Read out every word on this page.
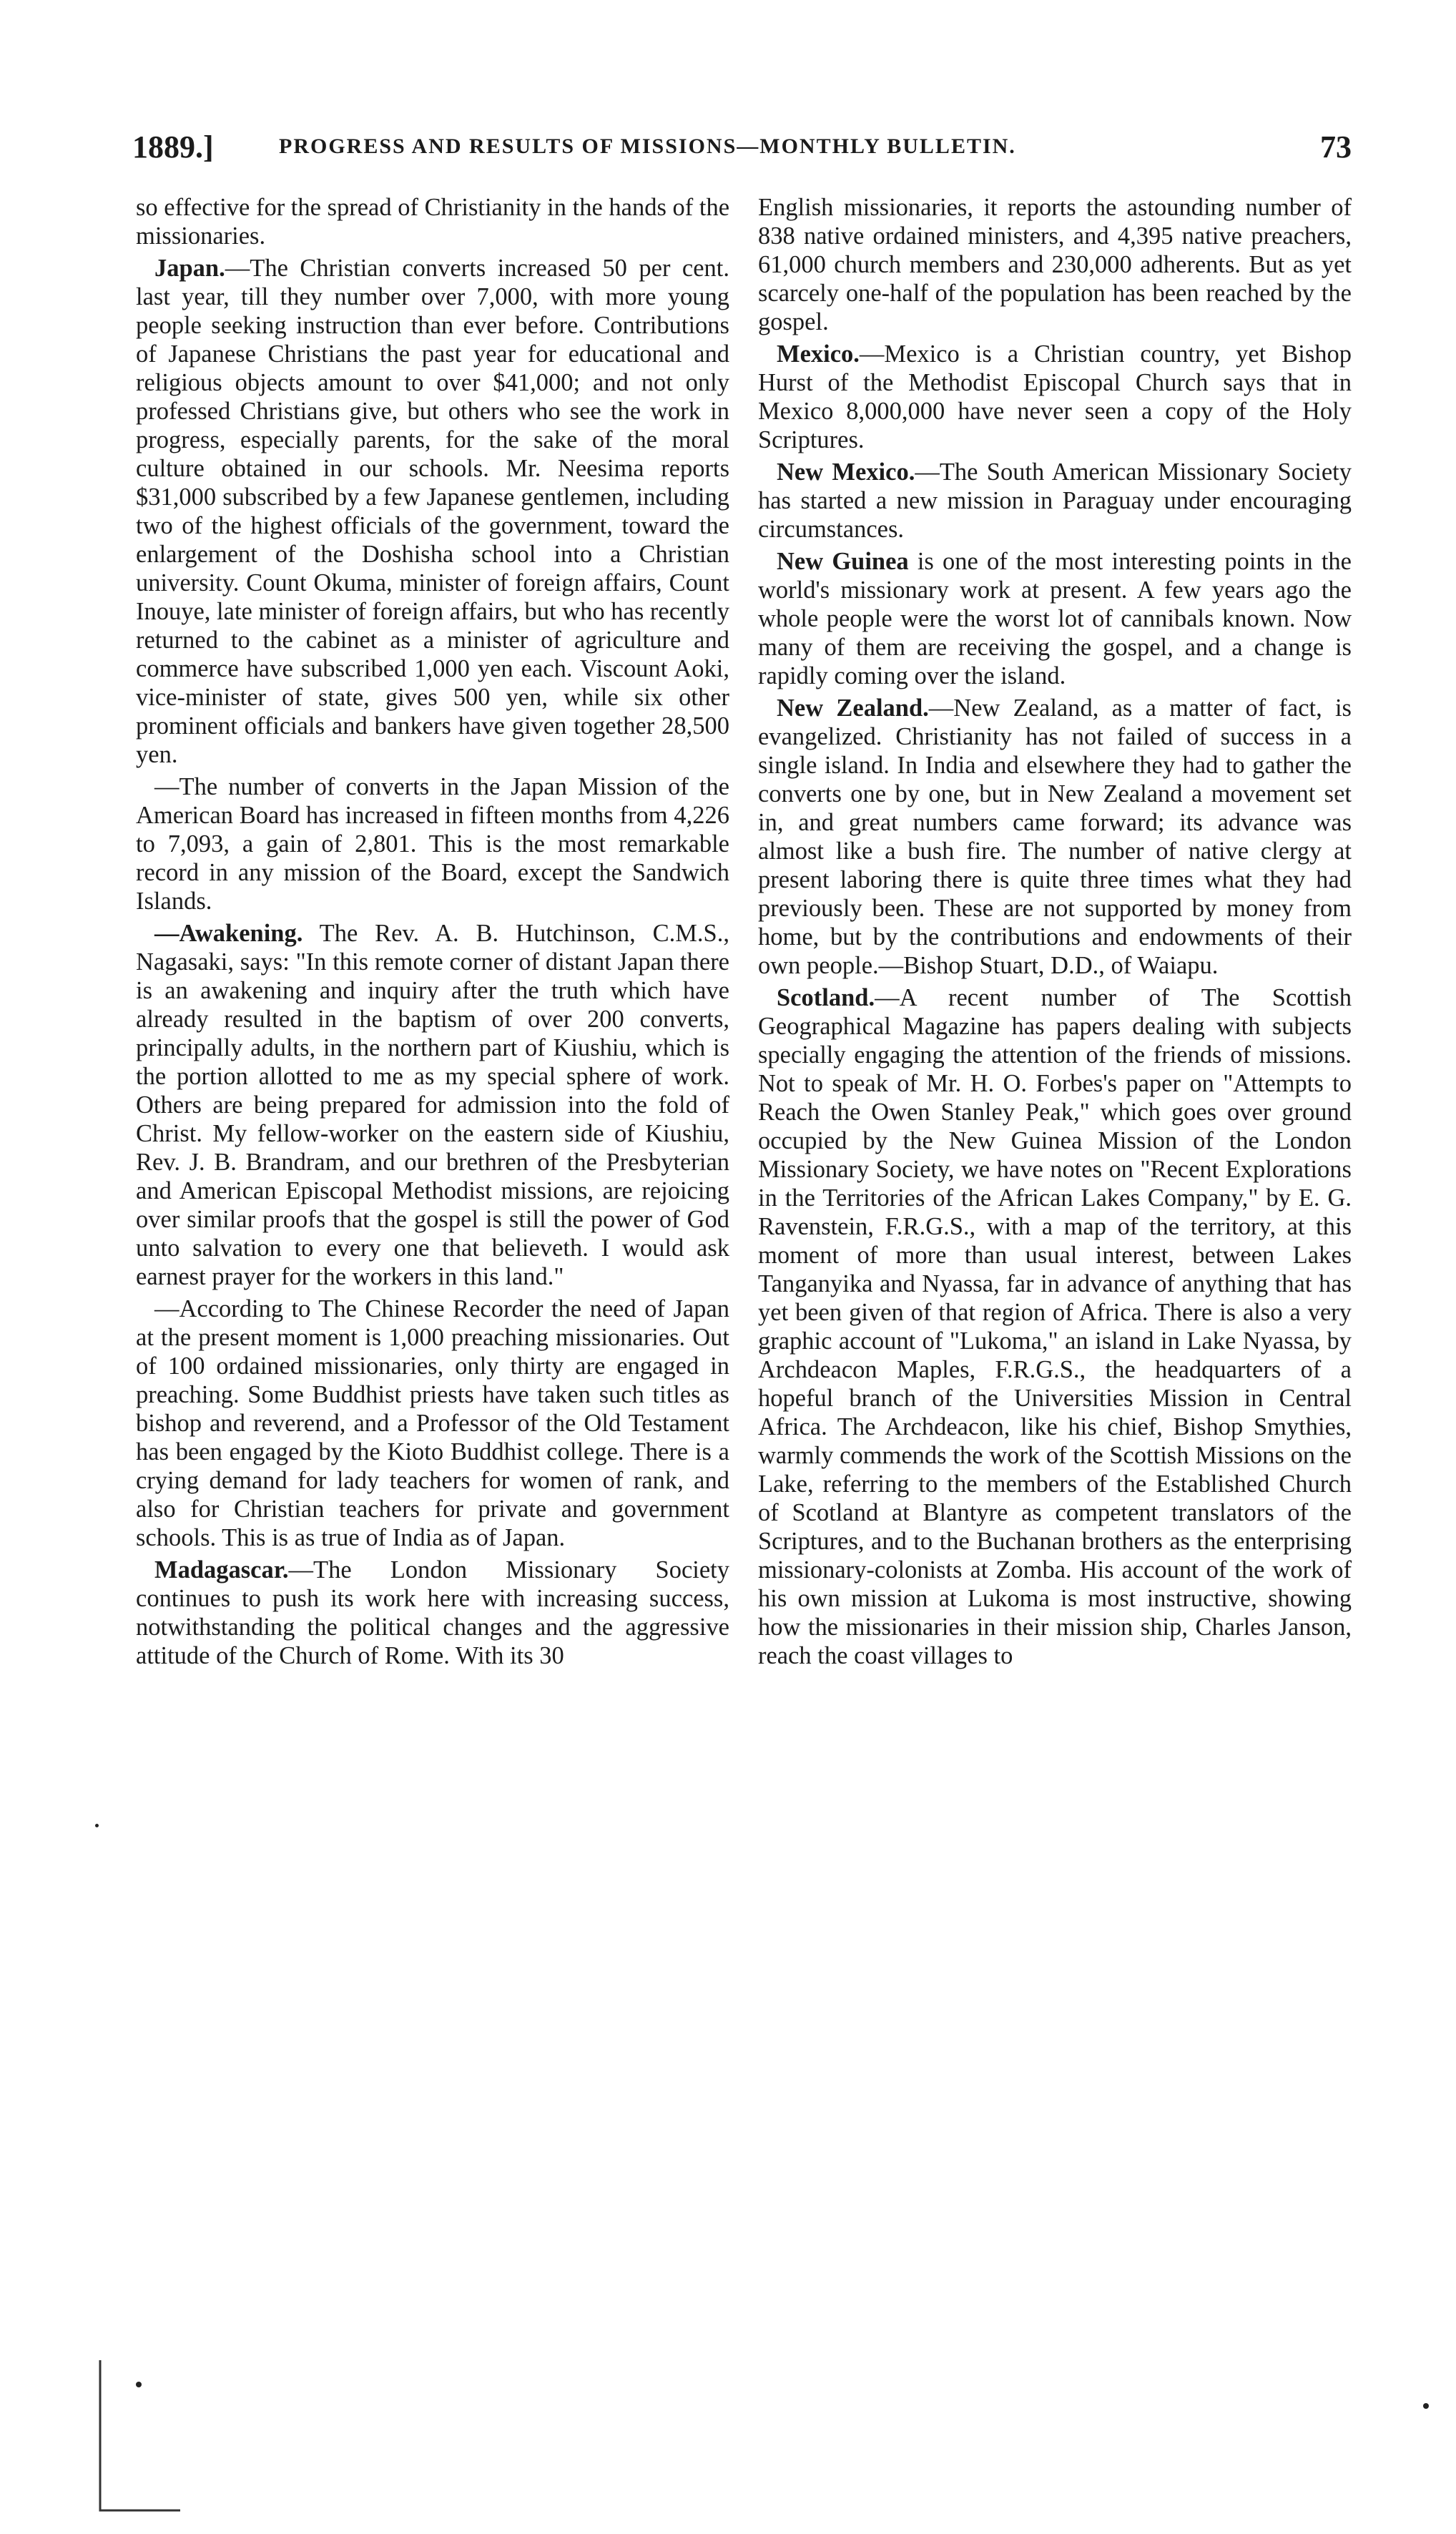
1889.]	PROGRESS AND RESULTS OF MISSIONS—MONTHLY BULLETIN.	73

so effective for the spread of Christianity in the hands of the missionaries.

Japan.—The Christian converts increased 50 per cent. last year, till they number over 7,000, with more young people seeking instruction than ever before. Contributions of Japanese Christians the past year for educational and religious objects amount to over $41,000; and not only professed Christians give, but others who see the work in progress, especially parents, for the sake of the moral culture obtained in our schools. Mr. Neesima reports $31,000 subscribed by a few Japanese gentlemen, including two of the highest officials of the government, toward the enlargement of the Doshisha school into a Christian university. Count Okuma, minister of foreign affairs, Count Inouye, late minister of foreign affairs, but who has recently returned to the cabinet as a minister of agriculture and commerce have subscribed 1,000 yen each. Viscount Aoki, vice-minister of state, gives 500 yen, while six other prominent officials and bankers have given together 28,500 yen.

—The number of converts in the Japan Mission of the American Board has increased in fifteen months from 4,226 to 7,093, a gain of 2,801. This is the most remarkable record in any mission of the Board, except the Sandwich Islands.

—Awakening. The Rev. A. B. Hutchinson, C.M.S., Nagasaki, says: "In this remote corner of distant Japan there is an awakening and inquiry after the truth which have already resulted in the baptism of over 200 converts, principally adults, in the northern part of Kiushiu, which is the portion allotted to me as my special sphere of work. Others are being prepared for admission into the fold of Christ. My fellow-worker on the eastern side of Kiushiu, Rev. J. B. Brandram, and our brethren of the Presbyterian and American Episcopal Methodist missions, are rejoicing over similar proofs that the gospel is still the power of God unto salvation to every one that believeth. I would ask earnest prayer for the workers in this land."

—According to The Chinese Recorder the need of Japan at the present moment is 1,000 preaching missionaries. Out of 100 ordained missionaries, only thirty are engaged in preaching. Some Buddhist priests have taken such titles as bishop and reverend, and a Professor of the Old Testament has been engaged by the Kioto Buddhist college. There is a crying demand for lady teachers for women of rank, and also for Christian teachers for private and government schools. This is as true of India as of Japan.

Madagascar.—The London Missionary Society continues to push its work here with increasing success, notwithstanding the political changes and the aggressive attitude of the Church of Rome. With its 30

English missionaries, it reports the astounding number of 838 native ordained ministers, and 4,395 native preachers, 61,000 church members and 230,000 adherents. But as yet scarcely one-half of the population has been reached by the gospel.

Mexico.—Mexico is a Christian country, yet Bishop Hurst of the Methodist Episcopal Church says that in Mexico 8,000,000 have never seen a copy of the Holy Scriptures.

New Mexico.—The South American Missionary Society has started a new mission in Paraguay under encouraging circumstances.

New Guinea is one of the most interesting points in the world's missionary work at present. A few years ago the whole people were the worst lot of cannibals known. Now many of them are receiving the gospel, and a change is rapidly coming over the island.

New Zealand.—New Zealand, as a matter of fact, is evangelized. Christianity has not failed of success in a single island. In India and elsewhere they had to gather the converts one by one, but in New Zealand a movement set in, and great numbers came forward; its advance was almost like a bush fire. The number of native clergy at present laboring there is quite three times what they had previously been. These are not supported by money from home, but by the contributions and endowments of their own people.—Bishop Stuart, D.D., of Waiapu.

Scotland.—A recent number of The Scottish Geographical Magazine has papers dealing with subjects specially engaging the attention of the friends of missions. Not to speak of Mr. H. O. Forbes's paper on "Attempts to Reach the Owen Stanley Peak," which goes over ground occupied by the New Guinea Mission of the London Missionary Society, we have notes on "Recent Explorations in the Territories of the African Lakes Company," by E. G. Ravenstein, F.R.G.S., with a map of the territory, at this moment of more than usual interest, between Lakes Tanganyika and Nyassa, far in advance of anything that has yet been given of that region of Africa. There is also a very graphic account of "Lukoma," an island in Lake Nyassa, by Archdeacon Maples, F.R.G.S., the headquarters of a hopeful branch of the Universities Mission in Central Africa. The Archdeacon, like his chief, Bishop Smythies, warmly commends the work of the Scottish Missions on the Lake, referring to the members of the Established Church of Scotland at Blantyre as competent translators of the Scriptures, and to the Buchanan brothers as the enterprising missionary-colonists at Zomba. His account of the work of his own mission at Lukoma is most instructive, showing how the missionaries in their mission ship, Charles Janson, reach the coast villages to
